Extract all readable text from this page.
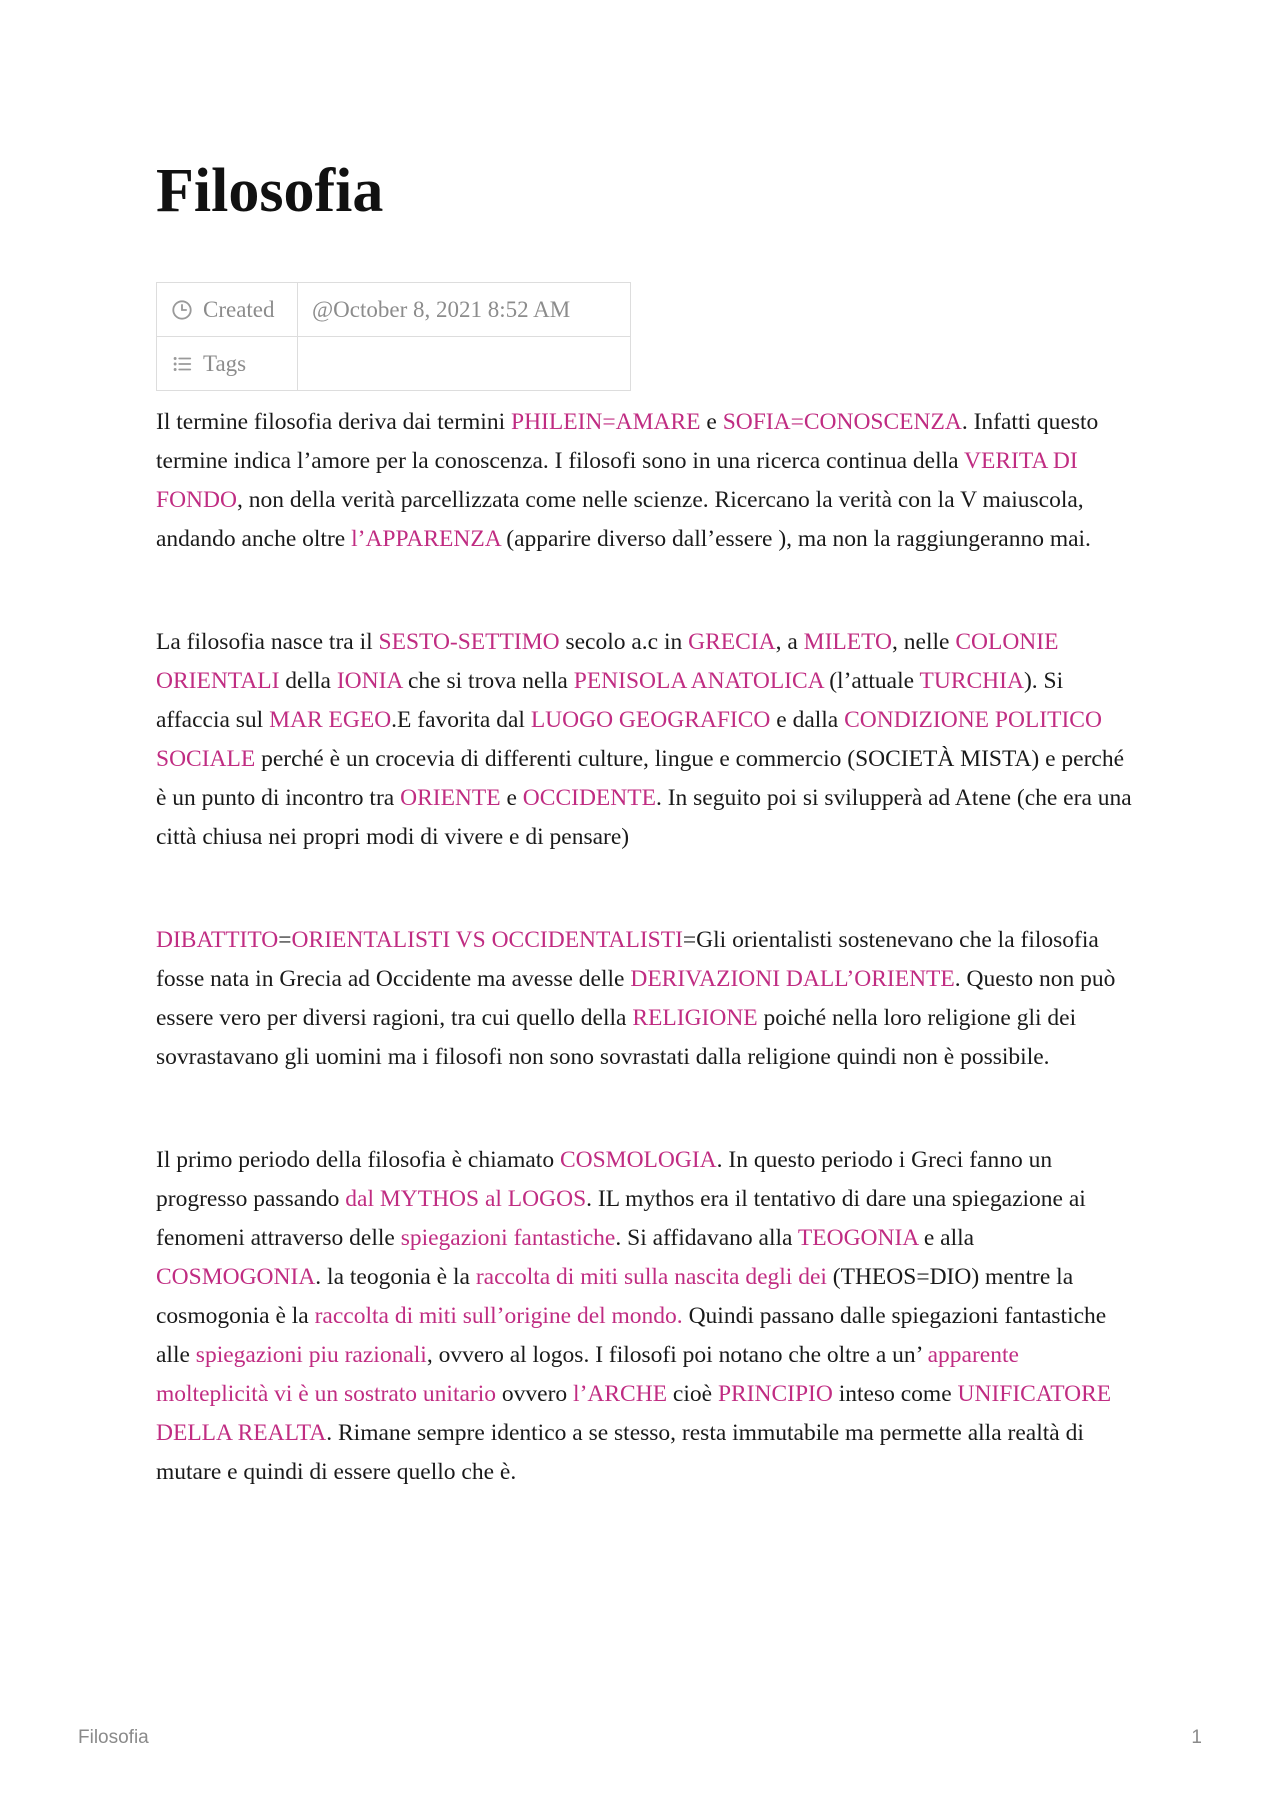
Filosofia
Created	@October 8, 2021 8:52 AM
Tags	

Il termine filosofia deriva dai termini PHILEIN=AMARE e SOFIA=CONOSCENZA. Infatti questo termine indica l’amore per la conoscenza. I filosofi sono in una ricerca continua della VERITA DI FONDO, non della verità parcellizzata come nelle scienze. Ricercano la verità con la V maiuscola, andando anche oltre l’APPARENZA (apparire diverso dall’essere ), ma non la raggiungeranno mai.

La filosofia nasce tra il SESTO-SETTIMO secolo a.c in GRECIA, a MILETO, nelle COLONIE ORIENTALI della IONIA che si trova nella PENISOLA ANATOLICA (l’attuale TURCHIA). Si affaccia sul MAR EGEO.E favorita dal LUOGO GEOGRAFICO e dalla CONDIZIONE POLITICO SOCIALE perché è un crocevia di differenti culture, lingue e commercio (SOCIETÀ MISTA) e perché è un punto di incontro tra ORIENTE e OCCIDENTE. In seguito poi si svilupperà ad Atene (che era una città chiusa nei propri modi di vivere e di pensare)

DIBATTITO=ORIENTALISTI VS OCCIDENTALISTI=Gli orientalisti sostenevano che la filosofia fosse nata in Grecia ad Occidente ma avesse delle DERIVAZIONI DALL’ORIENTE. Questo non può essere vero per diversi ragioni, tra cui quello della RELIGIONE poiché nella loro religione gli dei sovrastavano gli uomini ma i filosofi non sono sovrastati dalla religione quindi non è possibile.

Il primo periodo della filosofia è chiamato COSMOLOGIA. In questo periodo i Greci fanno un progresso passando dal MYTHOS al LOGOS. IL mythos era il tentativo di dare una spiegazione ai fenomeni attraverso delle spiegazioni fantastiche. Si affidavano alla TEOGONIA e alla COSMOGONIA. la teogonia è la raccolta di miti sulla nascita degli dei (THEOS=DIO) mentre la cosmogonia è la raccolta di miti sull’origine del mondo. Quindi passano dalle spiegazioni fantastiche alle spiegazioni piu razionali, ovvero al logos. I filosofi poi notano che oltre a un’ apparente molteplicità vi è un sostrato unitario ovvero l’ARCHE cioè PRINCIPIO inteso come UNIFICATORE DELLA REALTA. Rimane sempre identico a se stesso, resta immutabile ma permette alla realtà di mutare e quindi di essere quello che è.

Filosofia	1
